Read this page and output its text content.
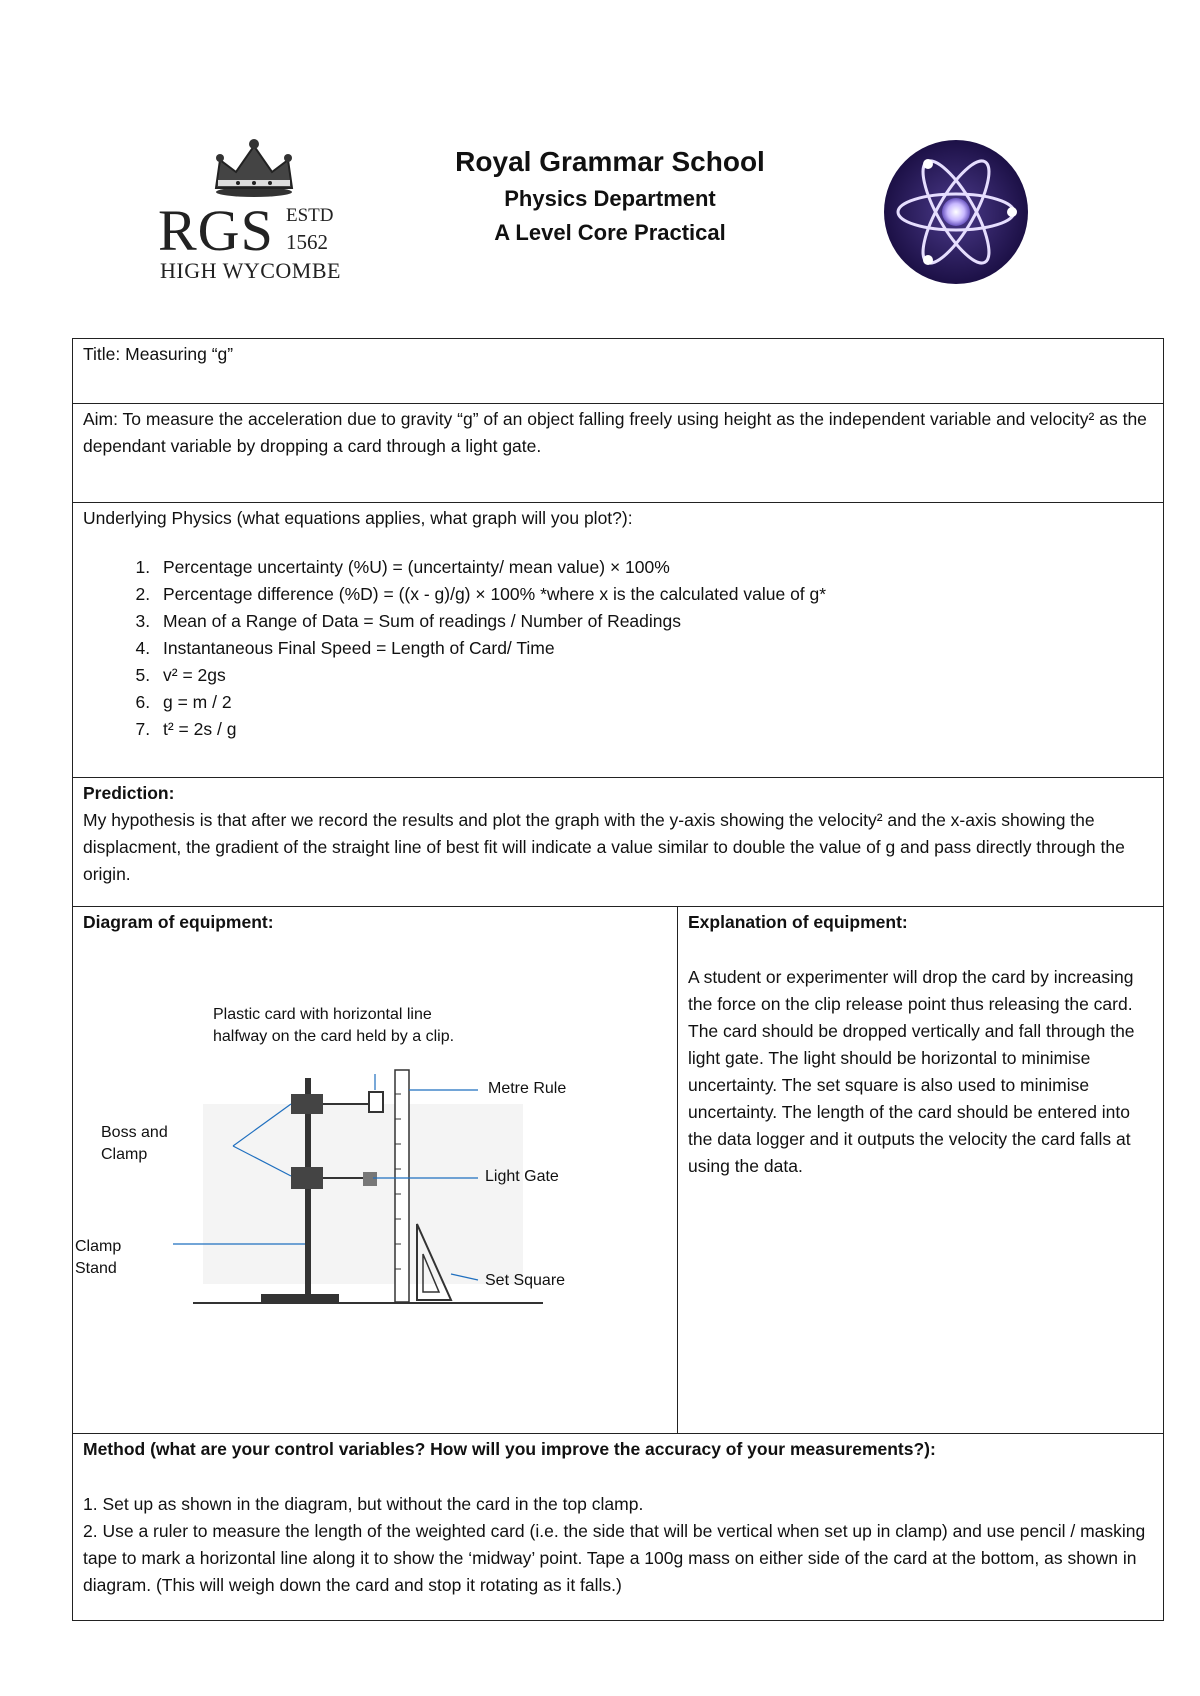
RGS ESTD
1562
HIGH WYCOMBE
Royal Grammar School
Physics Department
A Level Core Practical
Title: Measuring “g”
Aim: To measure the acceleration due to gravity “g” of an object falling freely using height as the independent variable and velocity² as the dependant variable by dropping a card through a light gate.

Underlying Physics (what equations applies, what graph will you plot?):
1. Percentage uncertainty (%U) = (uncertainty/ mean value) × 100%
2. Percentage difference (%D) = ((x - g)/g) × 100% *where x is the calculated value of g*
3. Mean of a Range of Data = Sum of readings / Number of Readings
4. Instantaneous Final Speed = Length of Card/ Time
5. v² = 2gs
6. g = m / 2
7. t² = 2s / g

Prediction:
My hypothesis is that after we record the results and plot the graph with the y-axis showing the velocity² and the x-axis showing the displacment, the gradient of the straight line of best fit will indicate a value similar to double the value of g and pass directly through the origin.

Diagram of equipment:
Plastic card with horizontal line
halfway on the card held by a clip.
Metre Rule
Boss and
Clamp
Light Gate
Clamp
Stand
Set Square

Explanation of equipment:
A student or experimenter will drop the card by increasing the force on the clip release point thus releasing the card. The card should be dropped vertically and fall through the light gate. The light should be horizontal to minimise uncertainty. The set square is also used to minimise uncertainty. The length of the card should be entered into the data logger and it outputs the velocity the card falls at using the data.

Method (what are your control variables? How will you improve the accuracy of your measurements?):
1. Set up as shown in the diagram, but without the card in the top clamp.
2. Use a ruler to measure the length of the weighted card (i.e. the side that will be vertical when set up in clamp) and use pencil / masking tape to mark a horizontal line along it to show the ‘midway’ point. Tape a 100g mass on either side of the card at the bottom, as shown in diagram. (This will weigh down the card and stop it rotating as it falls.)
